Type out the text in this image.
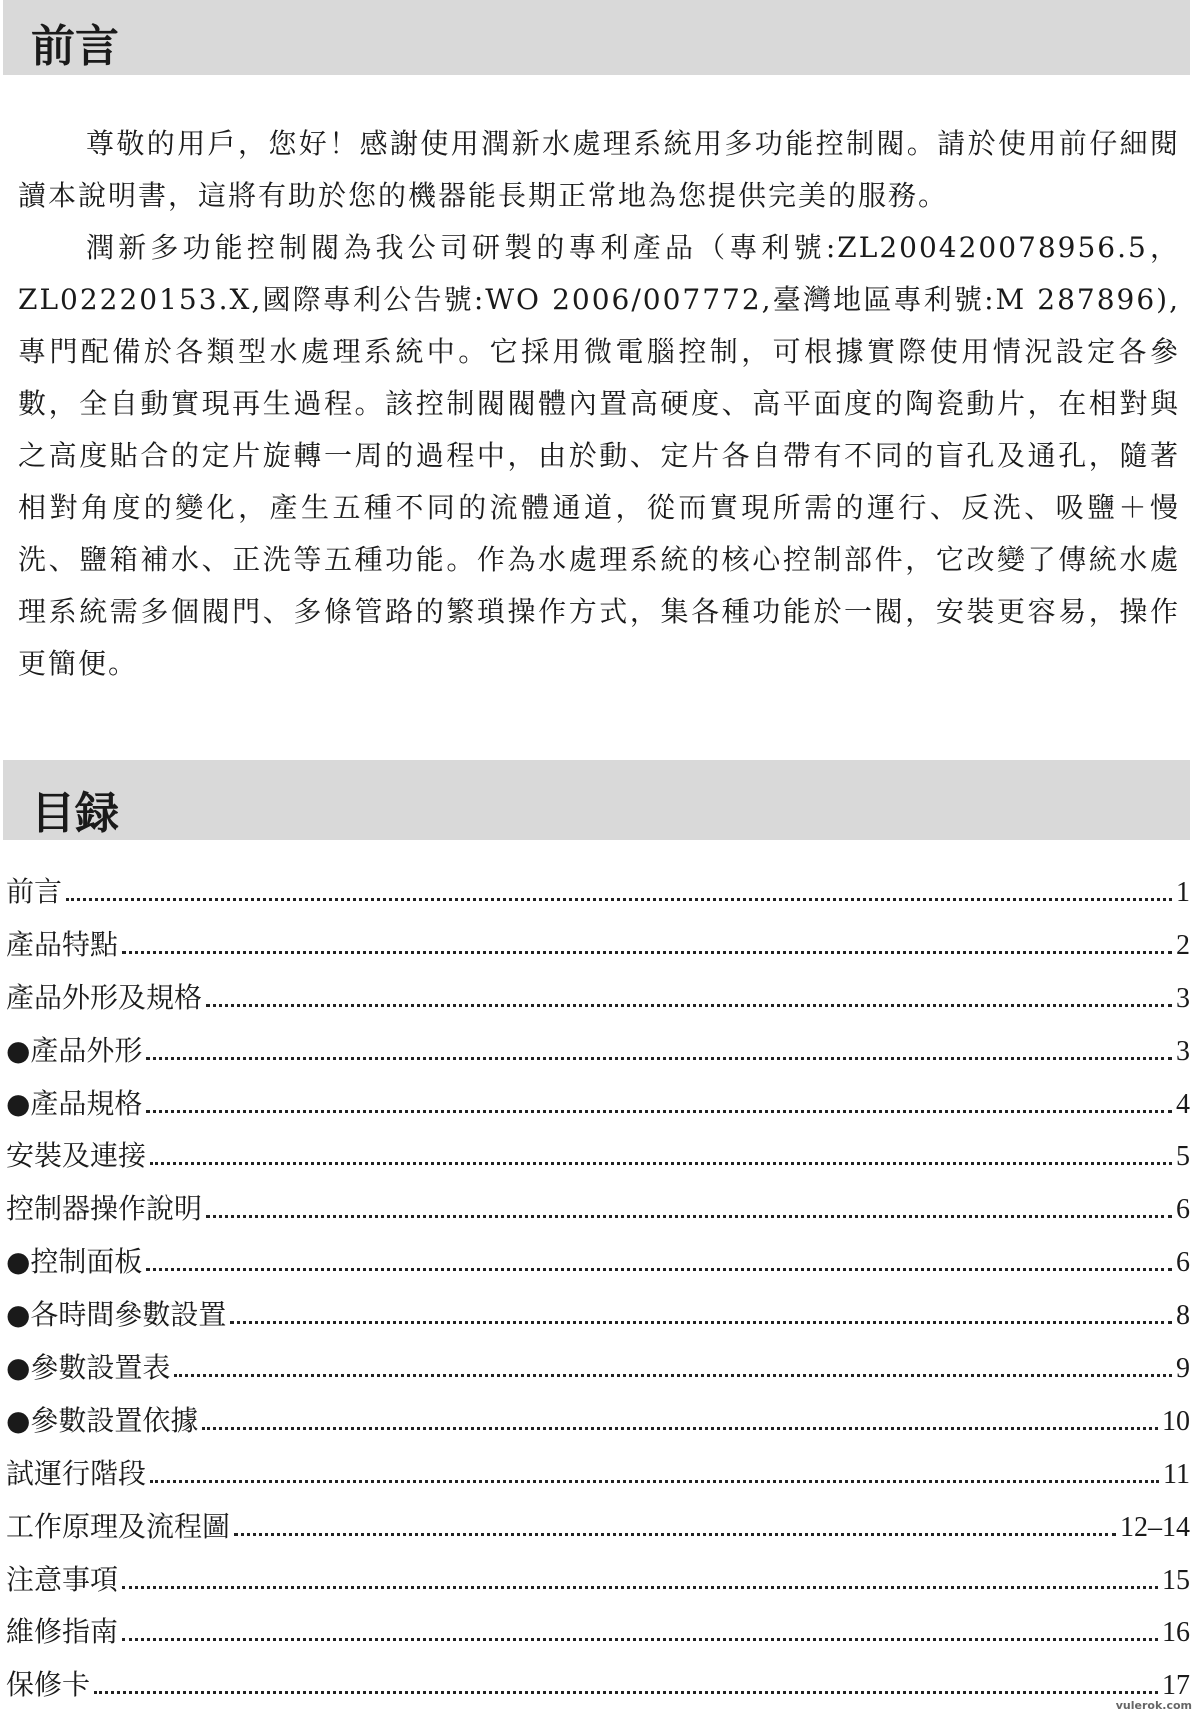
前言

尊敬的用戶，您好！感謝使用潤新水處理系統用多功能控制閥。請於使用前仔細閱讀本說明書，這將有助於您的機器能長期正常地為您提供完美的服務。

潤新多功能控制閥為我公司研製的專利產品（專利號:ZL200420078956.5，ZL02220153.X,國際專利公告號:WO 2006/007772,臺灣地區專利號:M 287896),專門配備於各類型水處理系統中。它採用微電腦控制，可根據實際使用情況設定各參數，全自動實現再生過程。該控制閥閥體內置高硬度、高平面度的陶瓷動片，在相對與之高度貼合的定片旋轉一周的過程中，由於動、定片各自帶有不同的盲孔及通孔，隨著相對角度的變化，產生五種不同的流體通道，從而實現所需的運行、反洗、吸鹽＋慢洗、鹽箱補水、正洗等五種功能。作為水處理系統的核心控制部件，它改變了傳統水處理系統需多個閥門、多條管路的繁瑣操作方式，集各種功能於一閥，安裝更容易，操作更簡便。

目録
前言	1
產品特點	2
產品外形及規格	3
●產品外形	3
●產品規格	4
安裝及連接	5
控制器操作說明	6
●控制面板	6
●各時間參數設置	8
●參數設置表	9
●參數設置依據	10
試運行階段	11
工作原理及流程圖	12–14
注意事項	15
維修指南	16
保修卡	17
vulerok.com
